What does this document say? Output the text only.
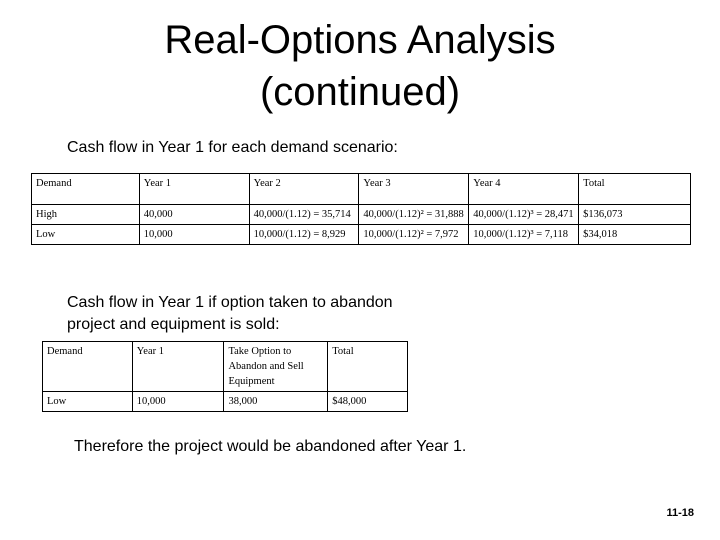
Real-Options Analysis
(continued)
Cash flow in Year 1 for each demand scenario:
Demand	Year 1	Year 2	Year 3	Year 4	Total
High	40,000	40,000/(1.12) = 35,714	40,000/(1.12)² = 31,888	40,000/(1.12)³ = 28,471	$136,073
Low	10,000	10,000/(1.12) = 8,929	10,000/(1.12)² = 7,972	10,000/(1.12)³ = 7,118	$34,018
Cash flow in Year 1 if option taken to abandon
project and equipment is sold:
Demand	Year 1	Take Option to Abandon and Sell Equipment	Total
Low	10,000	38,000	$48,000
Therefore the project would be abandoned after Year 1.
11-18
